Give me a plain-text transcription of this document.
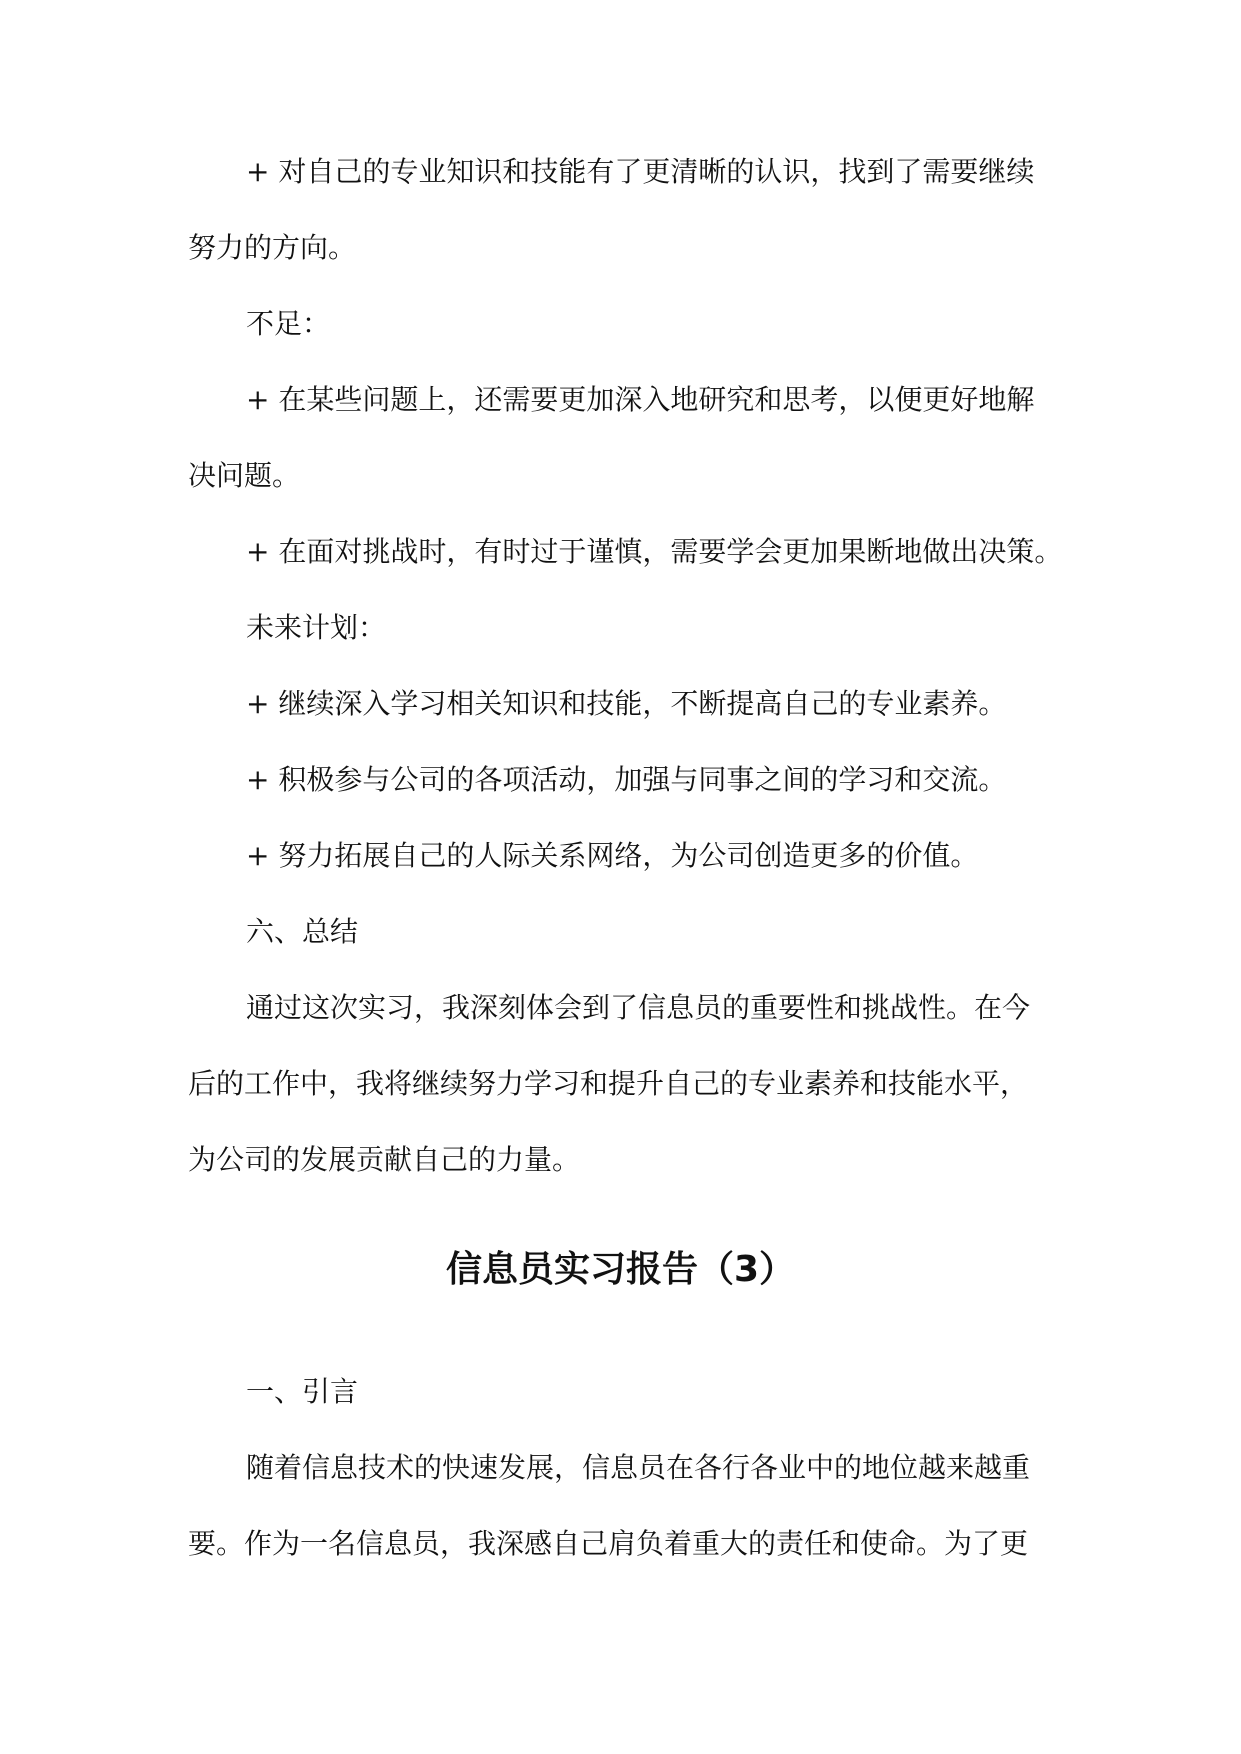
+ 对自己的专业知识和技能有了更清晰的认识，找到了需要继续

努力的方向。

不足：

+ 在某些问题上，还需要更加深入地研究和思考，以便更好地解

决问题。

+ 在面对挑战时，有时过于谨慎，需要学会更加果断地做出决策。

未来计划：

+ 继续深入学习相关知识和技能，不断提高自己的专业素养。

+ 积极参与公司的各项活动，加强与同事之间的学习和交流。

+ 努力拓展自己的人际关系网络，为公司创造更多的价值。

六、总结

通过这次实习，我深刻体会到了信息员的重要性和挑战性。在今

后的工作中，我将继续努力学习和提升自己的专业素养和技能水平，

为公司的发展贡献自己的力量。

信息员实习报告（3）

一、引言

随着信息技术的快速发展，信息员在各行各业中的地位越来越重

要。作为一名信息员，我深感自己肩负着重大的责任和使命。为了更
